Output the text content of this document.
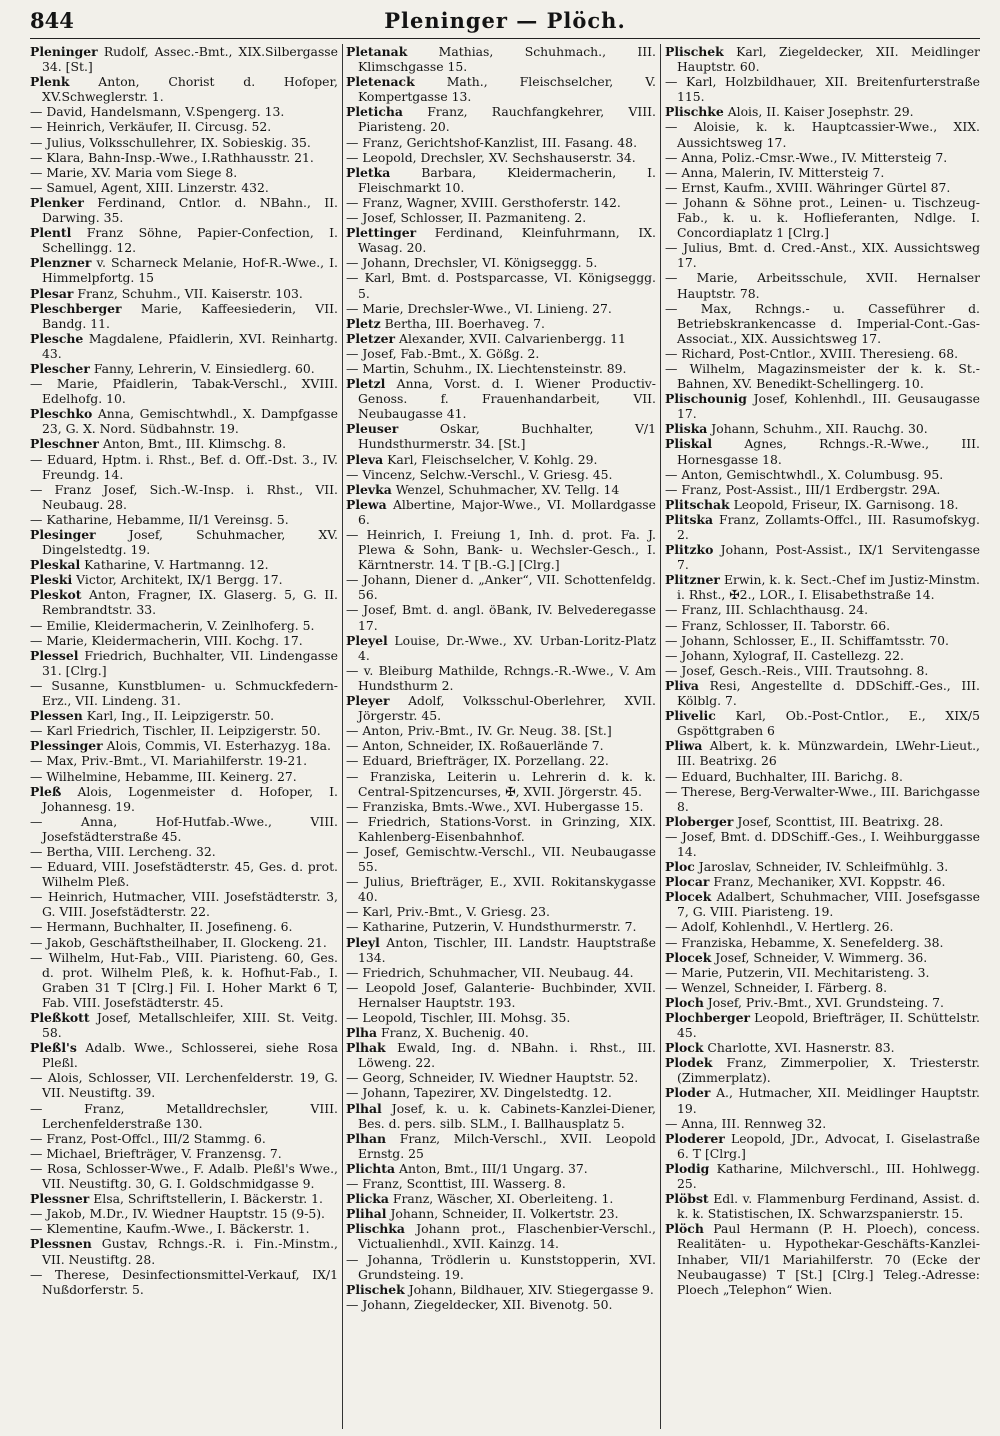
844	Pleninger — Plöch.
Pleninger Rudolf, Assec.-Bmt., XIX.Silbergasse 34. [St.]
Plenk Anton, Chorist d. Hofoper, XV.Schweglerstr. 1.
— David, Handelsmann, V.Spengerg. 13.
— Heinrich, Verkäufer, II. Circusg. 52.
— Julius, Volksschullehrer, IX. Sobieskig. 35.
— Klara, Bahn-Insp.-Wwe., I.Rathhausstr. 21.
— Marie, XV. Maria vom Siege 8.
— Samuel, Agent, XIII. Linzerstr. 432.
Plenker Ferdinand, Cntlor. d. NBahn., II. Darwing. 35.
Plentl Franz Söhne, Papier-Confection, I. Schellingg. 12.
Plenzner v. Scharneck Melanie, Hof-R.-Wwe., I. Himmelpfortg. 15
Plesar Franz, Schuhm., VII. Kaiserstr. 103.
Pleschberger Marie, Kaffeesiederin, VII. Bandg. 11.
Plesche Magdalene, Pfaidlerin, XVI. Reinhartg. 43.
Plescher Fanny, Lehrerin, V. Einsiedlerg. 60.
— Marie, Pfaidlerin, Tabak-Verschl., XVIII. Edelhofg. 10.
Pleschko Anna, Gemischtwhdl., X. Dampfgasse 23, G. X. Nord. Südbahnstr. 19.
Pleschner Anton, Bmt., III. Klimschg. 8.
— Eduard, Hptm. i. Rhst., Bef. d. Off.-Dst. 3., IV. Freundg. 14.
— Franz Josef, Sich.-W.-Insp. i. Rhst., VII. Neubaug. 28.
— Katharine, Hebamme, II/1 Vereinsg. 5.
Plesinger	Josef, Schuhmacher, XV. Dingelstedtg. 19.
Pleskal Katharine, V. Hartmanng. 12.
Pleski Victor, Architekt, IX/1 Bergg. 17.
Pleskot Anton, Fragner, IX. Glaserg. 5, G. II. Rembrandtstr. 33.
— Emilie, Kleidermacherin, V. Zeinlhoferg. 5.
— Marie, Kleidermacherin, VIII. Kochg. 17.
Plessel Friedrich, Buchhalter, VII. Lindengasse 31. [Clrg.]
— Susanne, Kunstblumen- u. Schmuckfedern-Erz., VII. Lindeng. 31.
Plessen Karl, Ing., II. Leipzigerstr. 50.
— Karl Friedrich, Tischler, II. Leipzigerstr. 50.
Plessinger Alois, Commis, VI. Esterhazyg. 18a.
— Max, Priv.-Bmt., VI. Mariahilferstr. 19-21.
— Wilhelmine, Hebamme, III. Keinerg. 27.
Pleß Alois, Logenmeister d. Hofoper, I. Johannesg. 19.
— Anna, Hof-Hutfab.-Wwe., VIII. Josefstädterstraße 45.
— Bertha, VIII. Lercheng. 32.
— Eduard, VIII. Josefstädterstr. 45, Ges. d. prot. Wilhelm Pleß.
— Heinrich, Hutmacher, VIII. Josefstädterstr. 3, G. VIII. Josefstädterstr. 22.
— Hermann, Buchhalter, II. Josefineng. 6.
— Jakob, Geschäftstheilhaber, II. Glockeng. 21.
— Wilhelm, Hut-Fab., VIII. Piaristeng. 60, Ges. d. prot. Wilhelm Pleß, k. k. Hofhut-Fab., I. Graben 31 T [Clrg.] Fil. I. Hoher Markt 6 T, Fab. VIII. Josefstädterstr. 45.
Pleßkott Josef, Metallschleifer, XIII. St. Veitg. 58.
Pleßl's Adalb. Wwe., Schlosserei, siehe Rosa Pleßl.
— Alois, Schlosser, VII. Lerchenfelderstr. 19, G. VII. Neustiftg. 39.
— Franz, Metalldrechsler, VIII. Lerchenfelderstraße 130.
— Franz, Post-Offcl., III/2 Stammg. 6.
— Michael, Briefträger, V. Franzensg. 7.
— Rosa, Schlosser-Wwe., F. Adalb. Pleßl's Wwe., VII. Neustiftg. 30, G. I. Goldschmidgasse 9.
Plessner Elsa, Schriftstellerin, I. Bäckerstr. 1.
— Jakob, M.Dr., IV. Wiedner Hauptstr. 15 (9-5).
— Klementine, Kaufm.-Wwe., I. Bäckerstr. 1.
Plessnen Gustav, Rchngs.-R. i. Fin.-Minstm., VII. Neustiftg. 28.
— Therese, Desinfectionsmittel-Verkauf, IX/1 Nußdorferstr. 5.
Pletanak	Mathias, Schuhmach., III. Klimschgasse 15.
Pletenack	Math., Fleischselcher, V. Kompertgasse 13.
Pleticha Franz, Rauchfangkehrer, VIII. Piaristeng. 20.
— Franz, Gerichtshof-Kanzlist, III. Fasang. 48.
— Leopold, Drechsler, XV. Sechshauserstr. 34.
Pletka	Barbara, Kleidermacherin, I. Fleischmarkt 10.
— Franz, Wagner, XVIII. Gersthoferstr. 142.
— Josef, Schlosser, II. Pazmaniteng. 2.
Plettinger Ferdinand, Kleinfuhrmann, IX. Wasag. 20.
— Johann, Drechsler, VI. Königseggg. 5.
— Karl, Bmt. d. Postsparcasse, VI. Königseggg. 5.
— Marie, Drechsler-Wwe., VI. Linieng. 27.
Pletz Bertha, III. Boerhaveg. 7.
Pletzer Alexander, XVII. Calvarienbergg. 11
— Josef, Fab.-Bmt., X. Gößg. 2.
— Martin, Schuhm., IX. Liechtensteinstr. 89.
Pletzl Anna, Vorst. d. I. Wiener Productiv-Genoss. f. Frauenhandarbeit, VII. Neubaugasse 41.
Pleuser	Oskar, Buchhalter, V/1 Hundsthurmerstr. 34. [St.]
Pleva Karl, Fleischselcher, V. Kohlg. 29.
— Vincenz, Selchw.-Verschl., V. Griesg. 45.
Plevka Wenzel, Schuhmacher, XV. Tellg. 14
Plewa Albertine, Major-Wwe., VI. Mollardgasse 6.
— Heinrich, I. Freiung 1, Inh. d. prot. Fa. J. Plewa & Sohn, Bank- u. Wechsler-Gesch., I. Kärntnerstr. 14. T [B.-G.] [Clrg.]
— Johann, Diener d. „Anker“, VII. Schottenfeldg. 56.
— Josef, Bmt. d. angl. öBank, IV. Belvederegasse 17.
Pleyel Louise, Dr.-Wwe., XV. Urban-Loritz-Platz 4.
— v. Bleiburg Mathilde, Rchngs.-R.-Wwe., V. Am Hundsthurm 2.
Pleyer Adolf, Volksschul-Oberlehrer, XVII. Jörgerstr. 45.
— Anton, Priv.-Bmt., IV. Gr. Neug. 38. [St.]
— Anton, Schneider, IX. Roßauerlände 7.
— Eduard, Briefträger, IX. Porzellang. 22.
— Franziska, Leiterin u. Lehrerin d. k. k. Central-Spitzencurses, ✠, XVII. Jörgerstr. 45.
— Franziska, Bmts.-Wwe., XVI. Hubergasse 15.
— Friedrich, Stations-Vorst. in Grinzing, XIX. Kahlenberg-Eisenbahnhof.
— Josef, Gemischtw.-Verschl., VII. Neubaugasse 55.
— Julius, Briefträger, E., XVII. Rokitanskygasse 40.
— Karl, Priv.-Bmt., V. Griesg. 23.
— Katharine, Putzerin, V. Hundsthurmerstr. 7.
Pleyl Anton, Tischler, III. Landstr. Hauptstraße 134.
— Friedrich, Schuhmacher, VII. Neubaug. 44.
— Leopold Josef, Galanterie- Buchbinder, XVII. Hernalser Hauptstr. 193.
— Leopold, Tischler, III. Mohsg. 35.
Plha Franz, X. Buchenig. 40.
Plhak Ewald, Ing. d. NBahn. i. Rhst., III. Löweng. 22.
— Georg, Schneider, IV. Wiedner Hauptstr. 52.
— Johann, Tapezirer, XV. Dingelstedtg. 12.
Plhal Josef, k. u. k. Cabinets-Kanzlei-Diener, Bes. d. pers. silb. SLM., I. Ballhausplatz 5.
Plhan Franz, Milch-Verschl., XVII. Leopold Ernstg. 25
Plichta Anton, Bmt., III/1 Ungarg. 37.
— Franz, Sconttist, III. Wasserg. 8.
Plicka Franz, Wäscher, XI. Oberleiteng. 1.
Plihal Johann, Schneider, II. Volkertstr. 23.
Plischka Johann prot., Flaschenbier-Verschl., Victualienhdl., XVII. Kainzg. 14.
— Johanna, Trödlerin u. Kunststopperin, XVI. Grundsteing. 19.
Plischek Johann, Bildhauer, XIV. Stiegergasse 9.
— Johann, Ziegeldecker, XII. Bivenotg. 50.
Plischek Karl, Ziegeldecker, XII. Meidlinger Hauptstr. 60.
— Karl, Holzbildhauer, XII. Breitenfurterstraße 115.
Plischke Alois, II. Kaiser Josephstr. 29.
— Aloisie, k. k. Hauptcassier-Wwe., XIX. Aussichtsweg 17.
— Anna, Poliz.-Cmsr.-Wwe., IV. Mittersteig 7.
— Anna, Malerin, IV. Mittersteig 7.
— Ernst, Kaufm., XVIII. Währinger Gürtel 87.
— Johann & Söhne prot., Leinen- u. Tischzeug-Fab., k. u. k. Hoflieferanten, Ndlge. I. Concordiaplatz 1 [Clrg.]
— Julius, Bmt. d. Cred.-Anst., XIX. Aussichtsweg 17.
— Marie, Arbeitsschule, XVII. Hernalser Hauptstr. 78.
— Max, Rchngs.- u. Casseführer d. Betriebskrankencasse d. Imperial-Cont.-Gas-Associat., XIX. Aussichtsweg 17.
— Richard, Post-Cntlor., XVIII. Theresieng. 68.
— Wilhelm, Magazinsmeister der k. k. St.-Bahnen, XV. Benedikt-Schellingerg. 10.
Plischounig Josef, Kohlenhdl., III. Geusaugasse 17.
Pliska Johann, Schuhm., XII. Rauchg. 30.
Pliskal	Agnes, Rchngs.-R.-Wwe., III. Hornesgasse 18.
— Anton, Gemischtwhdl., X. Columbusg. 95.
— Franz, Post-Assist., III/1 Erdbergstr. 29A.
Plitschak Leopold, Friseur, IX. Garnisong. 18.
Plitska Franz, Zollamts-Offcl., III. Rasumofskyg. 2.
Plitzko Johann, Post-Assist., IX/1 Servitengasse 7.
Plitzner Erwin, k. k. Sect.-Chef im Justiz-Minstm. i. Rhst., ✠2., LOR., I. Elisabethstraße 14.
— Franz, III. Schlachthausg. 24.
— Franz, Schlosser, II. Taborstr. 66.
— Johann, Schlosser, E., II. Schiffamtsstr. 70.
— Johann, Xylograf, II. Castellezg. 22.
— Josef, Gesch.-Reis., VIII. Trautsohng. 8.
Pliva Resi, Angestellte d. DDSchiff.-Ges., III. Kölblg. 7.
Plivelic Karl, Ob.-Post-Cntlor., E., XIX/5 Gspöttgraben 6
Pliwa Albert, k. k. Münzwardein, LWehr-Lieut., III. Beatrixg. 26
— Eduard, Buchhalter, III. Barichg. 8.
— Therese, Berg-Verwalter-Wwe., III. Barichgasse 8.
Ploberger Josef, Sconttist, III. Beatrixg. 28.
— Josef, Bmt. d. DDSchiff.-Ges., I. Weihburggasse 14.
Ploc Jaroslav, Schneider, IV. Schleifmühlg. 3.
Plocar Franz, Mechaniker, XVI. Koppstr. 46.
Plocek Adalbert, Schuhmacher, VIII. Josefsgasse 7, G. VIII. Piaristeng. 19.
— Adolf, Kohlenhdl., V. Hertlerg. 26.
— Franziska, Hebamme, X. Senefelderg. 38.
Plocek Josef, Schneider, V. Wimmerg. 36.
— Marie, Putzerin, VII. Mechitaristeng. 3.
— Wenzel, Schneider, I. Färberg. 8.
Ploch Josef, Priv.-Bmt., XVI. Grundsteing. 7.
Plochberger Leopold, Briefträger, II. Schüttelstr. 45.
Plock Charlotte, XVI. Hasnerstr. 83.
Plodek Franz, Zimmerpolier, X. Triesterstr. (Zimmerplatz).
Ploder A., Hutmacher, XII. Meidlinger Hauptstr. 19.
— Anna, III. Rennweg 32.
Ploderer Leopold, JDr., Advocat, I. Giselastraße 6. T [Clrg.]
Plodig Katharine, Milchverschl., III. Hohlwegg. 25.
Plöbst Edl. v. Flammenburg Ferdinand, Assist. d. k. k. Statistischen, IX. Schwarzspanierstr. 15.
Plöch Paul Hermann (P. H. Ploech), concess. Realitäten- u. Hypothekar-Geschäfts-Kanzlei-Inhaber, VII/1 Mariahilferstr. 70 (Ecke der Neubaugasse) T [St.] [Clrg.] Teleg.-Adresse: Ploech „Telephon“ Wien.
